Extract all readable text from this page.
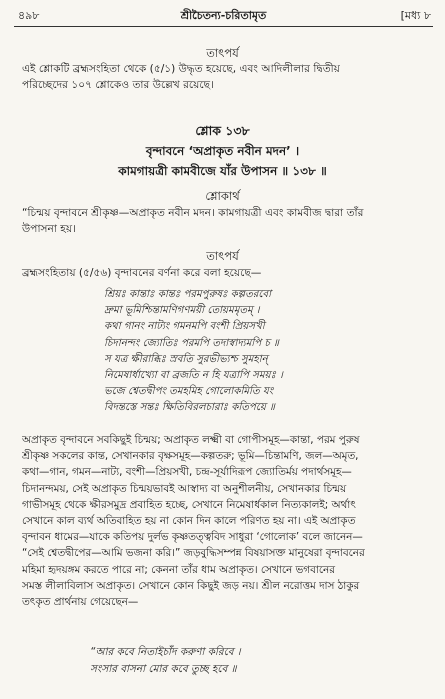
৪৯৮	শ্রীচৈতন্য-চরিতামৃত	[মধ্য ৮
তাৎপর্য
এই শ্লোকটি ব্রহ্মসংহিতা থেকে (৫/১) উদ্ধৃত হয়েছে, এবং আদিলীলার দ্বিতীয়
পরিচ্ছেদের ১০৭ শ্লোকেও তার উল্লেখ রয়েছে।
শ্লোক ১৩৮
বৃন্দাবনে ‘অপ্রাকৃত নবীন মদন’ ।
কামগায়ত্রী কামবীজে যাঁর উপাসন ॥ ১৩৮ ॥
শ্লোকার্থ
“চিন্ময় বৃন্দাবনে শ্রীকৃষ্ণ—অপ্রাকৃত নবীন মদন। কামগায়ত্রী এবং কামবীজ দ্বারা তাঁর
উপাসনা হয়।
তাৎপর্য
ব্রহ্মসংহিতায় (৫/৫৬) বৃন্দাবনের বর্ণনা করে বলা হয়েছে—
শ্রিয়ঃ কান্তাঃ কান্তঃ পরমপুরুষঃ কল্পতরবো
দ্রুমা ভূমিশ্চিন্তামণিগণময়ী তোয়মমৃতম্ ।
কথা গানং নাট্যং গমনমপি বংশী প্রিয়সখী
চিদানন্দং জ্যোতিঃ পরমপি তদাস্বাদ্যমপি চ ॥
স যত্র ক্ষীরাব্ধিঃ স্রবতি সুরভীভ্যশ্চ সুমহান্
নিমেষার্ধাখ্যো বা ব্রজতি ন হি যত্রাপি সময়ঃ ।
ভজে শ্বেতদ্বীপং তমহমিহ গোলোকমিতি যং
বিদন্তস্তে সন্তঃ ক্ষিতিবিরলচারাঃ কতিপয়ে ॥
অপ্রাকৃত বৃন্দাবনে সবকিছুই চিন্ময়; অপ্রাকৃত লক্ষ্মী বা গোপীসমূহ—কান্তা, পরম পুরুষ
শ্রীকৃষ্ণ সকলের কান্ত, সেখানকার বৃক্ষসমূহ—কল্পতরু; ভূমি—চিন্তামণি, জল—অমৃত,
কথা—গান, গমন—নাট্য, বংশী—প্রিয়সখী, চন্দ্র-সূর্যাদিরূপ জ্যোতির্ময় পদার্থসমূহ—
চিদানন্দময়, সেই অপ্রাকৃত চিন্ময়ভাবই আস্বাদ্য বা অনুশীলনীয়, সেখানকার চিন্ময়
গাভীসমূহ থেকে ক্ষীরসমুদ্র প্রবাহিত হচ্ছে, সেখানে নিমেষার্ধকাল নিত্যকালই; অর্থাৎ
সেখানে কাল ব্যর্থ অতিবাহিত হয় না কোন দিন কালে পরিণত হয় না। এই অপ্রাকৃত
বৃন্দাবন ধামের—যাকে কতিপয় দুর্লভ কৃষ্ণতত্ত্ববিদ সাধুরা ‘গোলোক’ বলে জানেন—
“সেই শ্বেতদ্বীপের—আমি ভজনা করি।” জড়বুদ্ধিসম্পন্ন বিষয়াসক্ত মানুষেরা বৃন্দাবনের
মহিমা হৃদয়ঙ্গম করতে পারে না; কেননা তাঁর ধাম অপ্রাকৃত। সেখানে ভগবানের
সমস্ত লীলাবিলাস অপ্রাকৃত। সেখানে কোন কিছুই জড় নয়। শ্রীল নরোত্তম দাস ঠাকুর
তৎকৃত প্রার্থনায় গেয়েছেন—
“আর কবে নিতাইচাঁদ করুণা করিবে ।
সংসার বাসনা মোর কবে তুচ্ছ হবে ॥
